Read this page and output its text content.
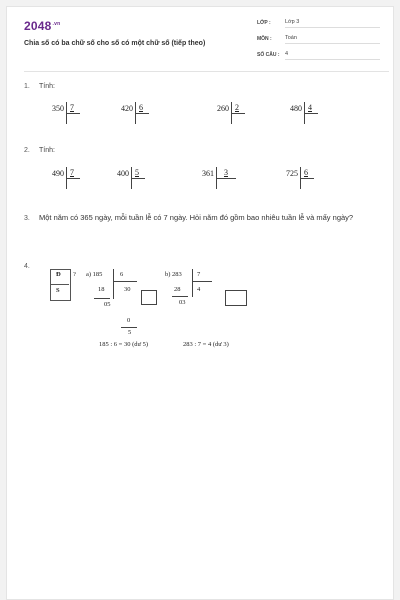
$2048^{.vn}$
Chia số có ba chữ số cho số có một chữ số (tiếp theo)
LỚP :	Lớp 3
MÔN : Toán
SỐ CÂU : 4
1. Tính:
350 7	420 6	260 2	480 4
2. Tính:
490 7	400 5	361 3	725 6
3. Một năm có 365 ngày, mỗi tuần lễ có 7 ngày. Hỏi năm đó gồm bao nhiêu tuần lễ và mấy ngày?
4.
Đ
S
? a) 185	6
18	30
05
0
5
185 : 6 = 30 (dư 5)
b) 283 7
28	4
03
283 : 7 = 4 (dư 3)
